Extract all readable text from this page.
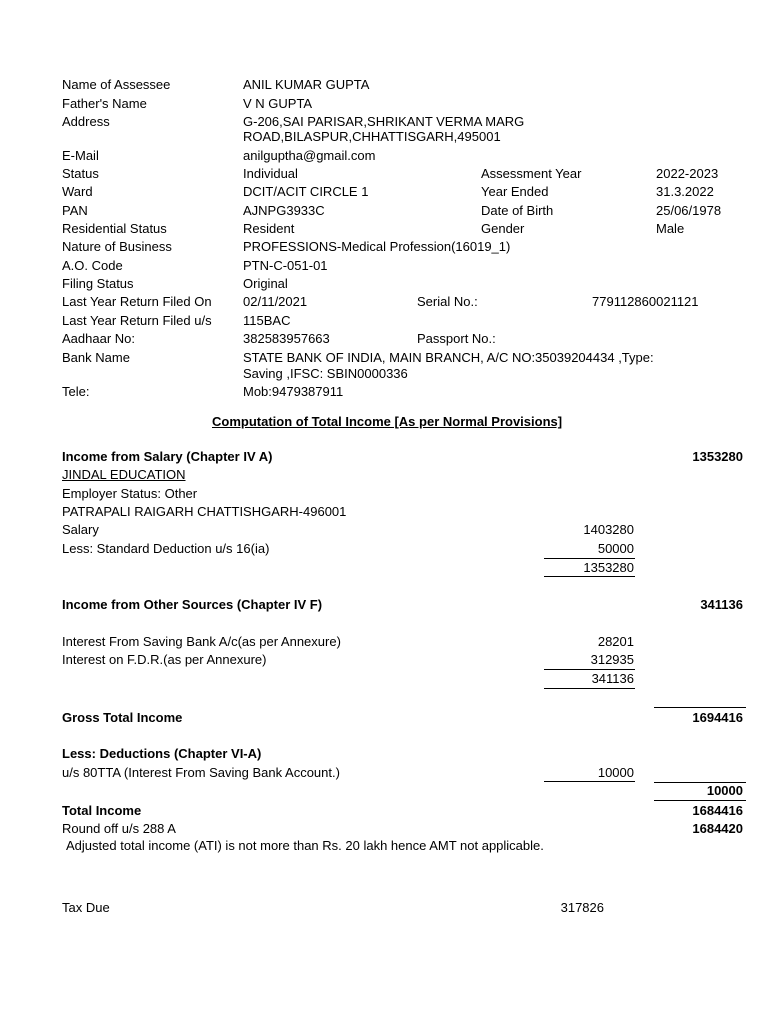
Name of Assessee	ANIL KUMAR GUPTA
Father's Name	V N GUPTA
Address	G-206,SAI PARISAR,SHRIKANT VERMA MARG
ROAD,BILASPUR,CHHATTISGARH,495001
E-Mail	anilguptha@gmail.com
Status	Individual	Assessment Year	2022-2023
Ward	DCIT/ACIT CIRCLE 1	Year Ended	31.3.2022
PAN	AJNPG3933C	Date of Birth	25/06/1978
Residential Status	Resident	Gender	Male
Nature of Business	PROFESSIONS-Medical Profession(16019_1)
A.O. Code	PTN-C-051-01
Filing Status	Original
Last Year Return Filed On 02/11/2021	Serial No.:	779112860021121
Last Year Return Filed u/s 115BAC
Aadhaar No:	382583957663	Passport No.:
Bank Name	STATE BANK OF INDIA, MAIN BRANCH, A/C NO:35039204434 ,Type:
Saving ,IFSC: SBIN0000336
Tele:	Mob:9479387911
Computation of Total Income [As per Normal Provisions]
Income from Salary (Chapter IV A)	1353280
JINDAL EDUCATION
Employer Status: Other
PATRAPALI RAIGARH CHATTISHGARH-496001
Salary	1403280
Less: Standard Deduction u/s 16(ia)	50000
1353280
Income from Other Sources (Chapter IV F)	341136
Interest From Saving Bank A/c(as per Annexure)	28201
Interest on F.D.R.(as per Annexure)	312935
341136
Gross Total Income	1694416
Less: Deductions (Chapter VI-A)
u/s 80TTA (Interest From Saving Bank Account.)	10000
10000
Total Income	1684416
Round off u/s 288 A	1684420
Adjusted total income (ATI) is not more than Rs. 20 lakh hence AMT not applicable.
Tax Due	317826
